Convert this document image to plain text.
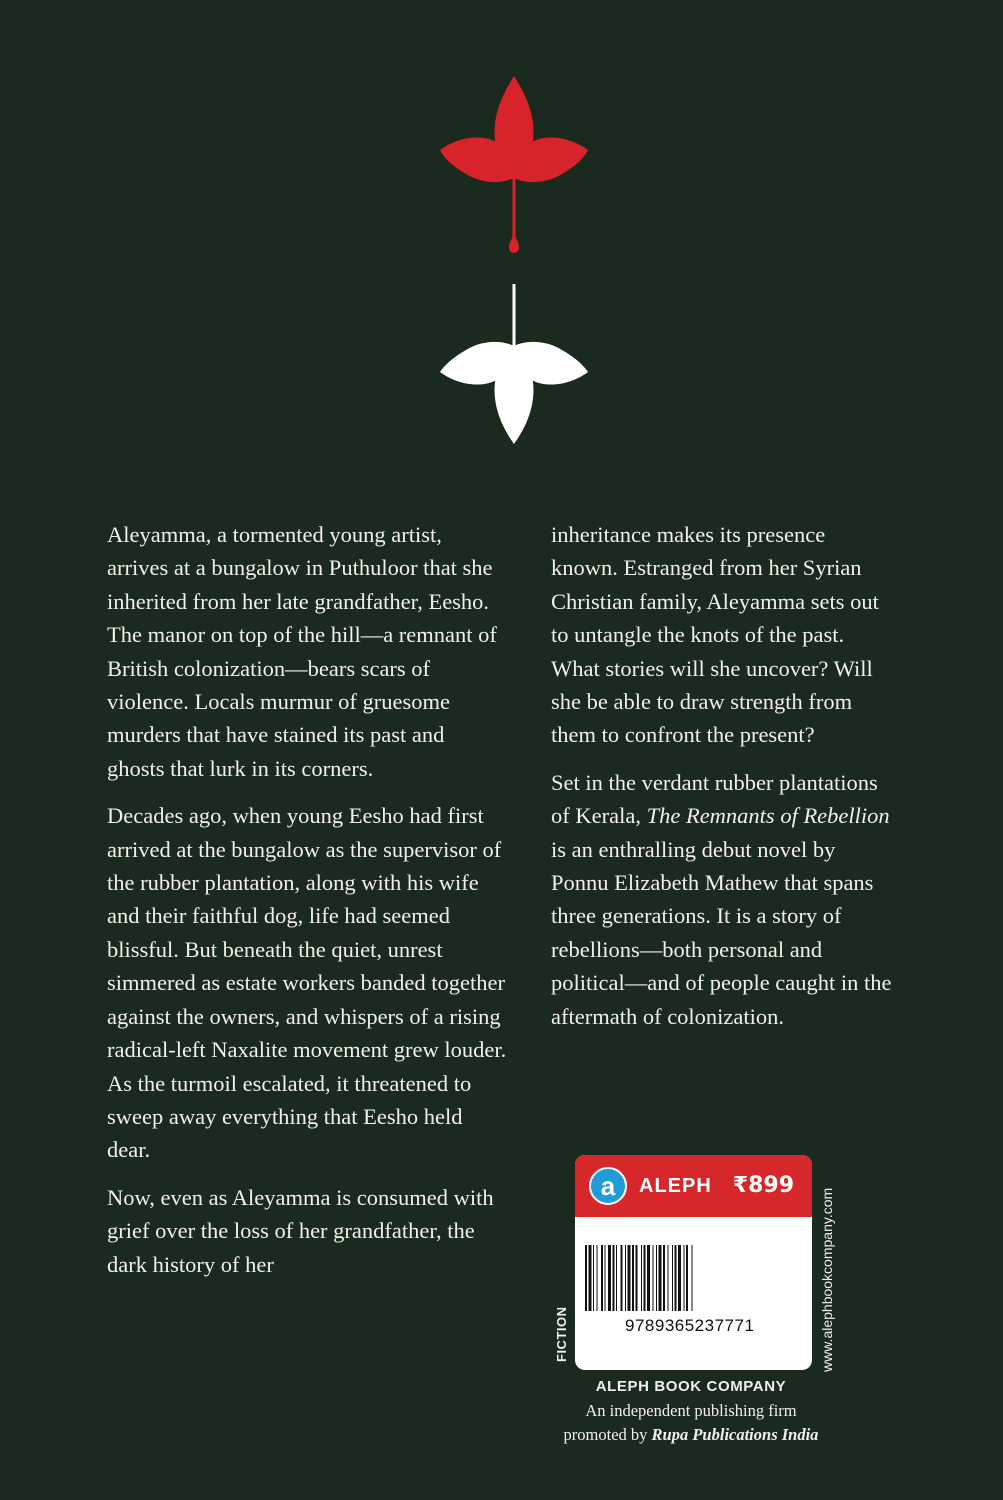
Aleyamma, a tormented young artist, arrives at a bungalow in Puthuloor that she inherited from her late grandfather, Eesho. The manor on top of the hill—a remnant of British colonization—bears scars of violence. Locals murmur of gruesome murders that have stained its past and ghosts that lurk in its corners.

Decades ago, when young Eesho had first arrived at the bungalow as the supervisor of the rubber plantation, along with his wife and their faithful dog, life had seemed blissful. But beneath the quiet, unrest simmered as estate workers banded together against the owners, and whispers of a rising radical-left Naxalite movement grew louder. As the turmoil escalated, it threatened to sweep away everything that Eesho held dear.

Now, even as Aleyamma is consumed with grief over the loss of her grandfather, the dark history of her

inheritance makes its presence known. Estranged from her Syrian Christian family, Aleyamma sets out to untangle the knots of the past. What stories will she uncover? Will she be able to draw strength from them to confront the present?

Set in the verdant rubber plantations of Kerala, The Remnants of Rebellion is an enthralling debut novel by Ponnu Elizabeth Mathew that spans three generations. It is a story of rebellions—both personal and political—and of people caught in the aftermath of colonization.

a ALEPH ₹899
9789365237771
FICTION	www.alephbookcompany.com
ALEPH BOOK COMPANY
An independent publishing firm
promoted by Rupa Publications India
